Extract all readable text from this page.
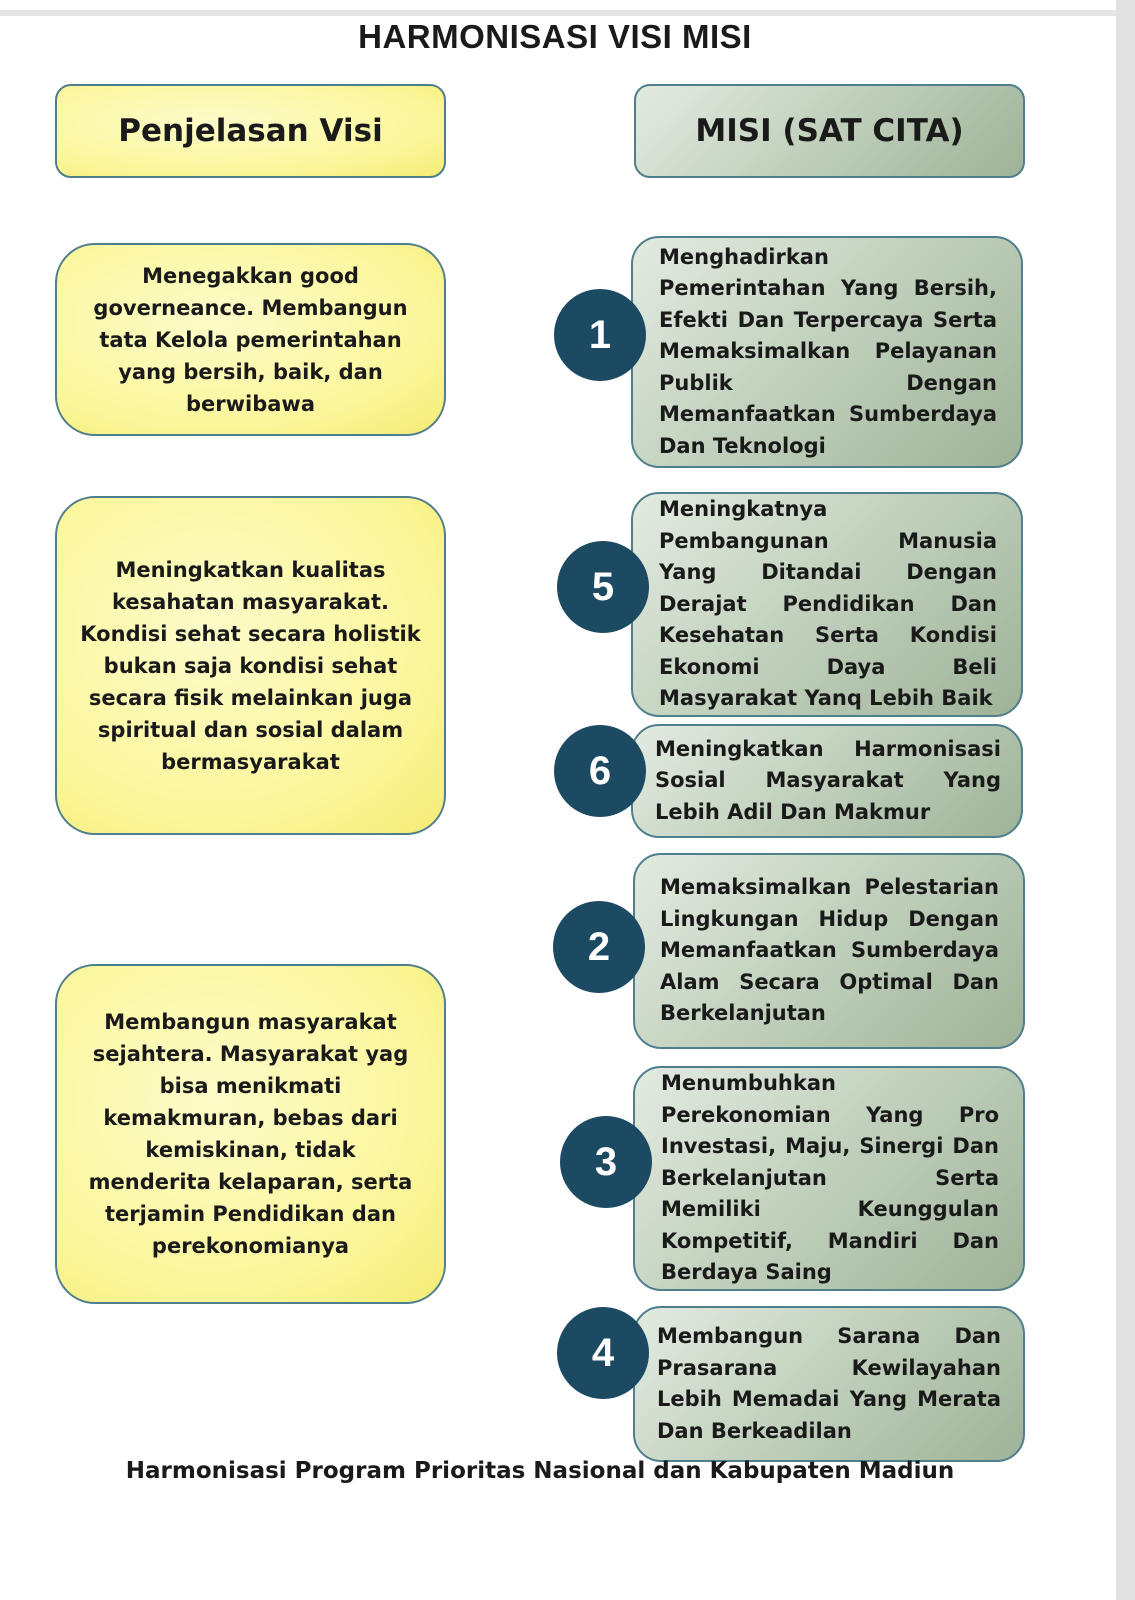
HARMONISASI VISI MISI
Penjelasan Visi	MISI (SAT CITA)
Menegakkan good governeance. Membangun tata Kelola pemerintahan yang bersih, baik, dan berwibawa
Meningkatkan kualitas kesahatan masyarakat. Kondisi sehat secara holistik bukan saja kondisi sehat secara fisik melainkan juga spiritual dan sosial dalam bermasyarakat
Membangun masyarakat sejahtera. Masyarakat yag bisa menikmati kemakmuran, bebas dari kemiskinan, tidak menderita kelaparan, serta terjamin Pendidikan dan perekonomianya
Menghadirkan Pemerintahan Yang Bersih, Efekti Dan Terpercaya Serta Memaksimalkan Pelayanan Publik Dengan Memanfaatkan Sumberdaya Dan Teknologi
1
Meningkatnya Pembangunan Manusia Yang Ditandai Dengan Derajat Pendidikan Dan Kesehatan Serta Kondisi Ekonomi Daya Beli Masyarakat Yanq Lebih Baik
5
Meningkatkan Harmonisasi Sosial Masyarakat Yang Lebih Adil Dan Makmur
6
Memaksimalkan Pelestarian Lingkungan Hidup Dengan Memanfaatkan Sumberdaya Alam Secara Optimal Dan Berkelanjutan
2
Menumbuhkan Perekonomian Yang Pro Investasi, Maju, Sinergi Dan Berkelanjutan Serta Memiliki Keunggulan Kompetitif, Mandiri Dan Berdaya Saing
3
Membangun Sarana Dan Prasarana Kewilayahan Lebih Memadai Yang Merata Dan Berkeadilan
4
Harmonisasi Program Prioritas Nasional dan Kabupaten Madiun
